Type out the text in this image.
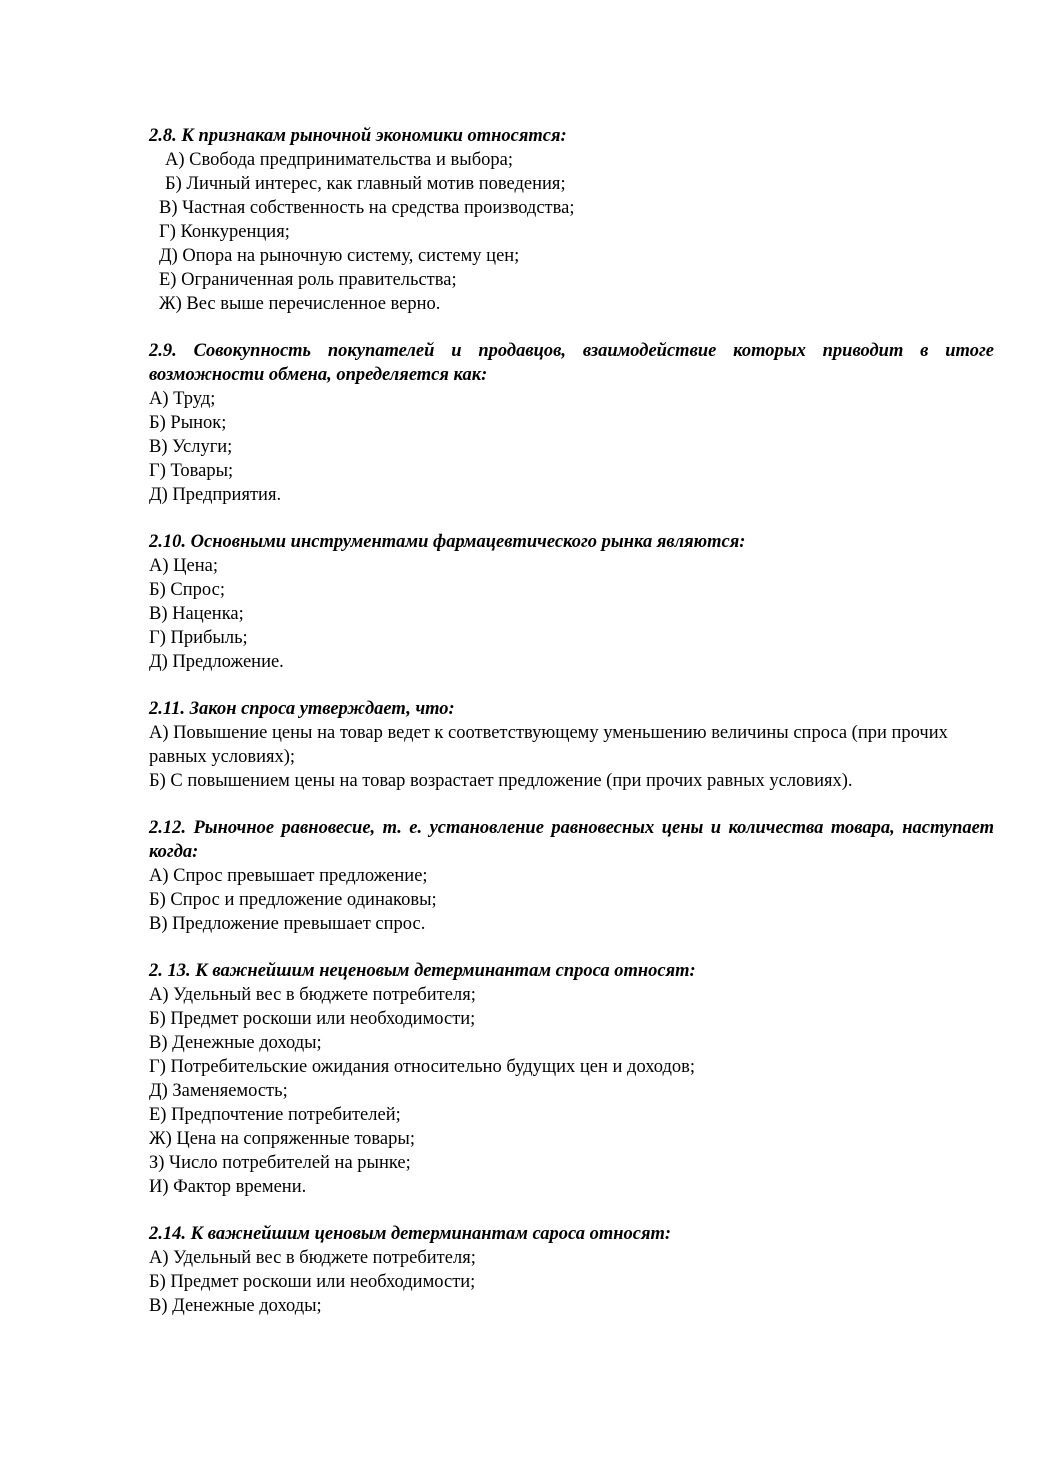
2.8. К признакам рыночной экономики относятся:

А) Свобода предпринимательства и выбора;
Б) Личный интерес, как главный мотив поведения;
В) Частная собственность на средства производства;
Г) Конкуренция;
Д) Опора на рыночную систему, систему цен;
Е) Ограниченная роль правительства;
Ж) Вес выше перечисленное верно.

2.9. Совокупность покупателей и продавцов, взаимодействие которых приводит в итоге возможности обмена, определяется как:

А) Труд;
Б) Рынок;
В) Услуги;
Г) Товары;
Д) Предприятия.

2.10. Основными инструментами фармацевтического рынка являются:

А) Цена;
Б) Спрос;
В) Наценка;
Г) Прибыль;
Д) Предложение.

2.11. Закон спроса утверждает, что:

А) Повышение цены на товар ведет к соответствующему уменьшению величины спроса (при прочих равных условиях);
Б) С повышением цены на товар возрастает предложение (при прочих равных условиях).

2.12. Рыночное равновесие, т. е. установление равновесных цены и количества товара, наступает когда:

А) Спрос превышает предложение;
Б) Спрос и предложение одинаковы;
В) Предложение превышает спрос.

2. 13. К важнейшим неценовым детерминантам спроса относят:

А) Удельный вес в бюджете потребителя;
Б) Предмет роскоши или необходимости;
В) Денежные доходы;
Г) Потребительские ожидания относительно будущих цен и доходов;
Д) Заменяемость;
Е) Предпочтение потребителей;
Ж) Цена на сопряженные товары;
З) Число потребителей на рынке;
И) Фактор времени.

2.14. К важнейшим ценовым детерминантам сароса относят:

А) Удельный вес в бюджете потребителя;
Б) Предмет роскоши или необходимости;
В) Денежные доходы;
